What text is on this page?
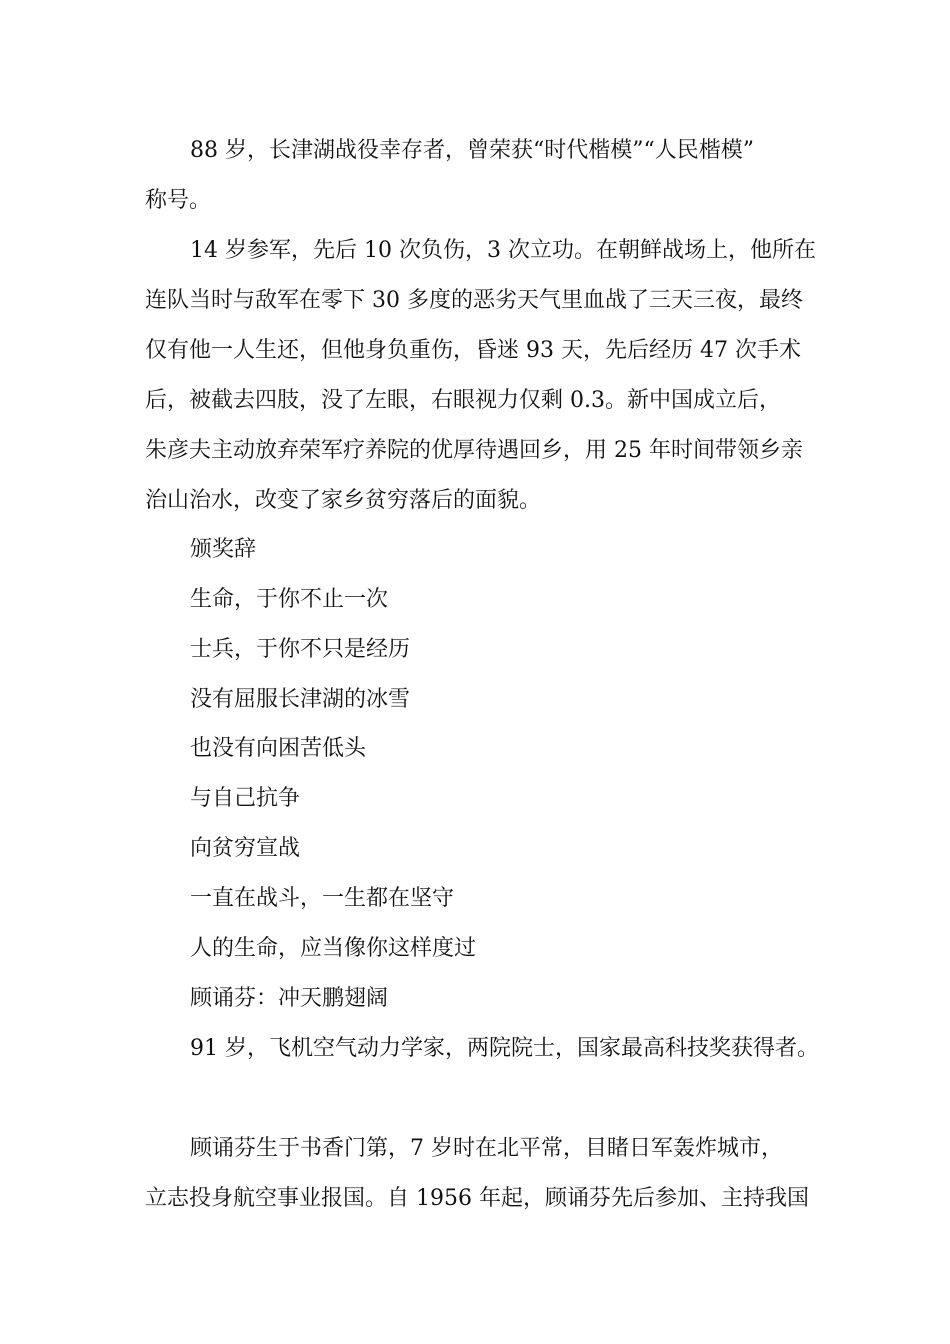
88 岁，长津湖战役幸存者，曾荣获“时代楷模”“人民楷模”

称号。

14 岁参军，先后 10 次负伤，3 次立功。在朝鲜战场上，他所在

连队当时与敌军在零下 30 多度的恶劣天气里血战了三天三夜，最终

仅有他一人生还，但他身负重伤，昏迷 93 天，先后经历 47 次手术

后，被截去四肢，没了左眼，右眼视力仅剩 0.3。新中国成立后，

朱彦夫主动放弃荣军疗养院的优厚待遇回乡，用 25 年时间带领乡亲

治山治水，改变了家乡贫穷落后的面貌。

颁奖辞

生命，于你不止一次

士兵，于你不只是经历

没有屈服长津湖的冰雪

也没有向困苦低头

与自己抗争

向贫穷宣战

一直在战斗，一生都在坚守

人的生命，应当像你这样度过

顾诵芬：冲天鹏翅阔

91 岁，飞机空气动力学家，两院院士，国家最高科技奖获得者。

顾诵芬生于书香门第，7 岁时在北平常，目睹日军轰炸城市，

立志投身航空事业报国。自 1956 年起，顾诵芬先后参加、主持我国
